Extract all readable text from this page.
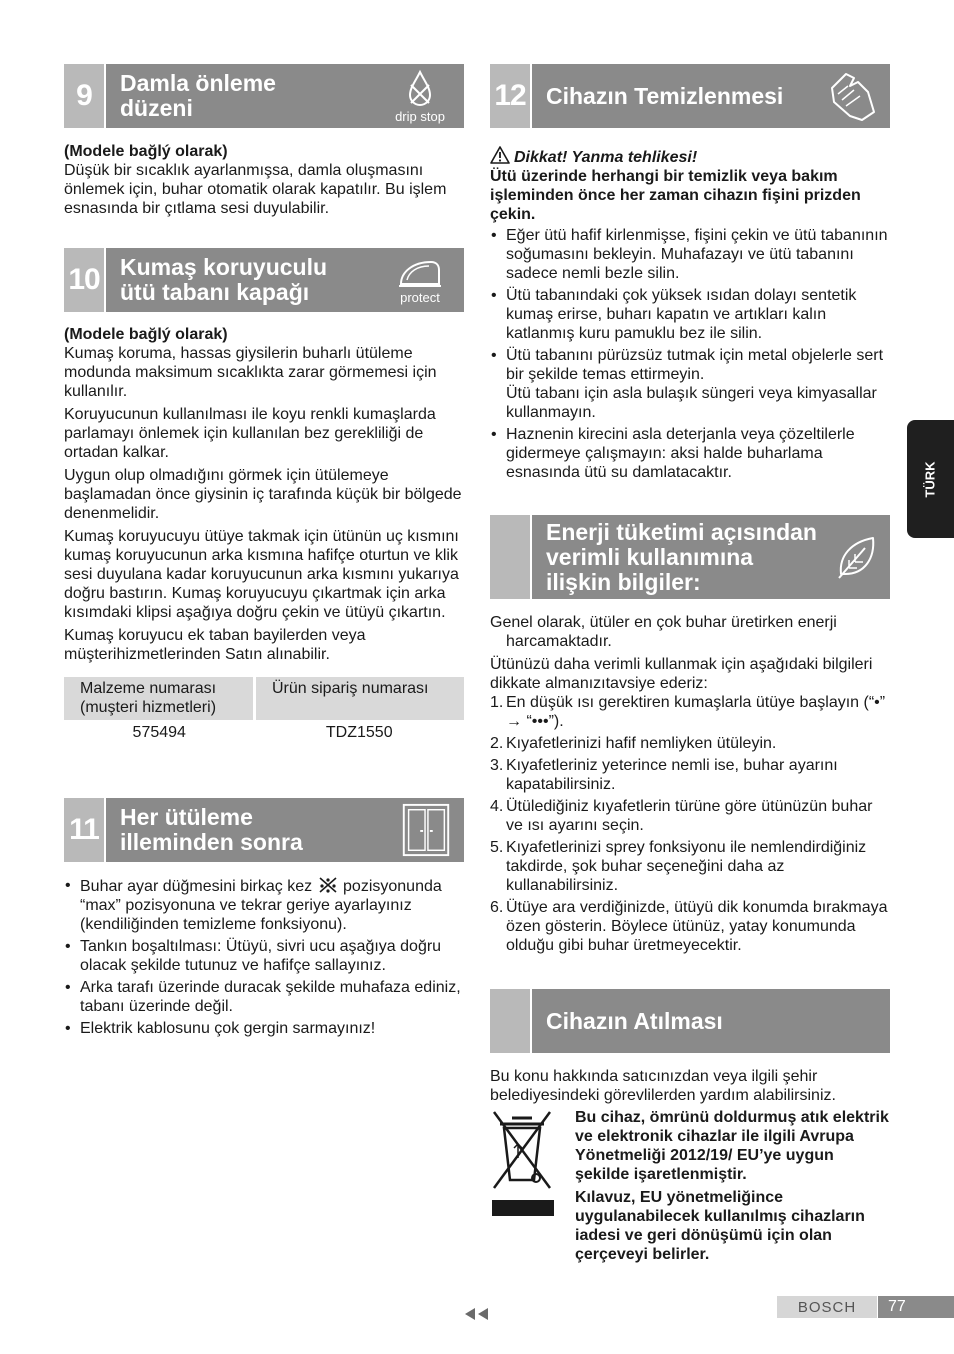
9	Damla önleme
düzeni	drip stop

(Modele bağlý olarak)

Düşük bir sıcaklık ayarlanmışsa, damla oluşmasını önlemek için, buhar otomatik olarak kapatılır. Bu işlem esnasında bir çıtlama sesi duyulabilir.

10 Kumaş koruyuculu
ütü tabanı kapağı	protect

(Modele bağlý olarak)

Kumaş koruma, hassas giysilerin buharlı ütüleme modunda maksimum sıcaklıkta zarar görmemesi için kullanılır.

Koruyucunun kullanılması ile koyu renkli kumaşlarda parlamayı önlemek için kullanılan bez gerekliliği de ortadan kalkar.

Uygun olup olmadığını görmek için ütülemeye başlamadan önce giysinin iç tarafında küçük bir bölgede denenmelidir.

Kumaş koruyucuyu ütüye takmak için ütünün uç kısmını kumaş koruyucunun arka kısmına hafifçe oturtun ve klik sesi duyulana kadar koruyucunun arka kısmını yukarıya doğru bastırın. Kumaş koruyucuyu çıkartmak için arka kısımdaki klipsi aşağıya doğru çekin ve ütüyü çıkartın.

Kumaş koruyucu ek taban bayilerden veya müşterihizmetlerinden Satın alınabilir.

Malzeme numarası (muşteri hizmetleri)	Ürün sipariş numarası
575494	TDZ1550
11 Her ütüleme
illeminden sonra
• Buhar ayar düğmesini birkaç kez pozisyonunda “max” pozisyonuna ve tekrar geriye ayarlayınız (kendiliğinden temizleme fonksiyonu).
• Tankın boşaltılması: Ütüyü, sivri ucu aşağıya doğru olacak şekilde tutunuz ve hafifçe sallayınız.
• Arka tarafı üzerinde duracak şekilde muhafaza ediniz, tabanı üzerinde değil.
• Elektrik kablosunu çok gergin sarmayınız!
12 Cihazın Temizlenmesi

Dikkat! Yanma tehlikesi!

Ütü üzerinde herhangi bir temizlik veya bakım işleminden önce her zaman cihazın fişini prizden çekin.

• Eğer ütü hafif kirlenmişse, fişini çekin ve ütü tabanının soğumasını bekleyin. Muhafazayı ve ütü tabanını sadece nemli bezle silin.
• Ütü tabanındaki çok yüksek ısıdan dolayı sentetik kumaş erirse, buharı kapatın ve artıkları kalın katlanmış kuru pamuklu bez ile silin.
• Ütü tabanını pürüzsüz tutmak için metal objelerle sert bir şekilde temas ettirmeyin.
Ütü tabanı için asla bulaşık süngeri veya kimyasallar kullanmayın.
• Haznenin kirecini asla deterjanla veya çözeltilerle gidermeye çalışmayın: aksi halde buharlama esnasında ütü su damlatacaktır.
Enerji tüketimi açısından
verimli kullanımına
ilişkin bilgiler:

Genel olarak, ütüler en çok buhar üretirken enerji harcamaktadır.

Ütünüzü daha verimli kullanmak için aşağıdaki bilgileri dikkate almanızıtavsiye ederiz:

1. En düşük ısı gerektiren kumaşlarla ütüye başlayın (“•” → “•••”).
2. Kıyafetlerinizi hafif nemliyken ütüleyin.
3. Kıyafetleriniz yeterince nemli ise, buhar ayarını kapatabilirsiniz.
4. Ütülediğiniz kıyafetlerin türüne göre ütünüzün buhar ve ısı ayarını seçin.
5. Kıyafetlerinizi sprey fonksiyonu ile nemlendirdiğiniz takdirde, şok buhar seçeneğini daha az kullanabilirsiniz.
6. Ütüye ara verdiğinizde, ütüyü dik konumda bırakmaya özen gösterin. Böylece ütünüz, yatay konumunda olduğu gibi buhar üretmeyecektir.
Cihazın Atılması

Bu konu hakkında satıcınızdan veya ilgili şehir belediyesindeki görevlilerden yardım alabilirsiniz.

Bu cihaz, ömrünü doldurmuş atık elektrik ve elektronik cihazlar ile ilgili Avrupa Yönetmeliği 2012/19/ EU’ye uygun şekilde işaretlenmiştir.

Kılavuz, EU yönetmeliğince uygulanabilecek kullanılmış cihazların iadesi ve geri dönüşümü için olan çerçeveyi belirler.

TÜRK
BOSCH	77
